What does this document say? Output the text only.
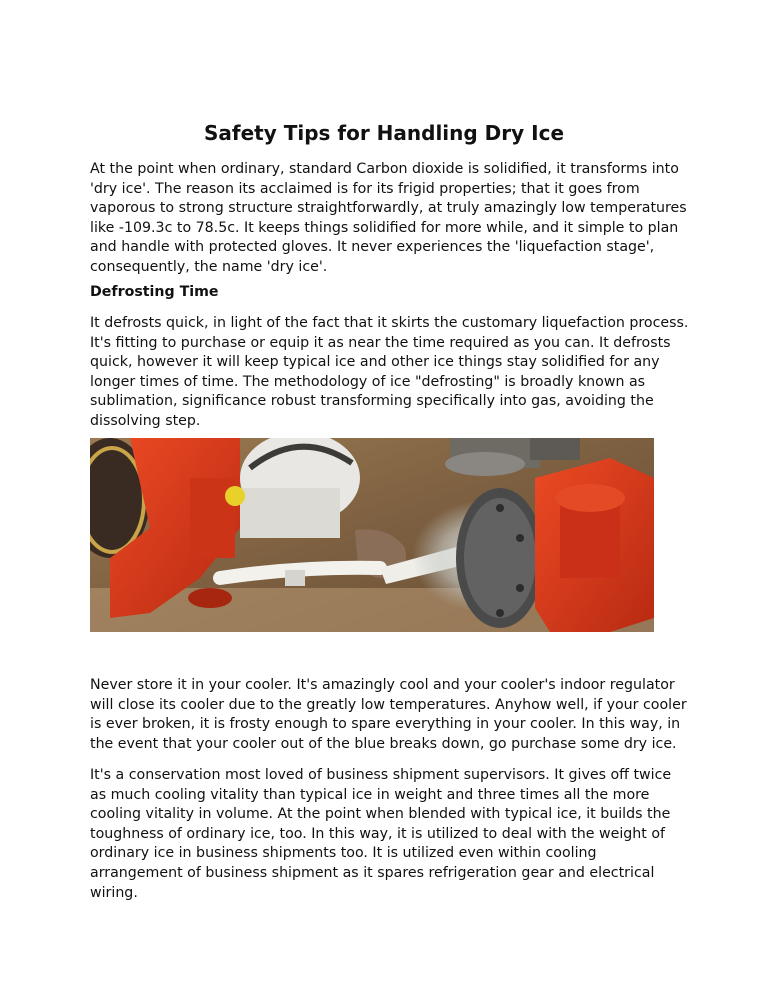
Safety Tips for Handling Dry Ice

At the point when ordinary, standard Carbon dioxide is solidified, it transforms into 'dry ice'. The reason its acclaimed is for its frigid properties; that it goes from vaporous to strong structure straightforwardly, at truly amazingly low temperatures like -109.3c to 78.5c. It keeps things solidified for more while, and it simple to plan and handle with protected gloves. It never experiences the 'liquefaction stage', consequently, the name 'dry ice'.

Defrosting Time

It defrosts quick, in light of the fact that it skirts the customary liquefaction process. It's fitting to purchase or equip it as near the time required as you can. It defrosts quick, however it will keep typical ice and other ice things stay solidified for any longer times of time. The methodology of ice "defrosting" is broadly known as sublimation, significance robust transforming specifically into gas, avoiding the dissolving step.

Never store it in your cooler. It's amazingly cool and your cooler's indoor regulator will close its cooler due to the greatly low temperatures. Anyhow well, if your cooler is ever broken, it is frosty enough to spare everything in your cooler. In this way, in the event that your cooler out of the blue breaks down, go purchase some dry ice.

It's a conservation most loved of business shipment supervisors. It gives off twice as much cooling vitality than typical ice in weight and three times all the more cooling vitality in volume. At the point when blended with typical ice, it builds the toughness of ordinary ice, too. In this way, it is utilized to deal with the weight of ordinary ice in business shipments too. It is utilized even within cooling arrangement of business shipment as it spares refrigeration gear and electrical wiring.
